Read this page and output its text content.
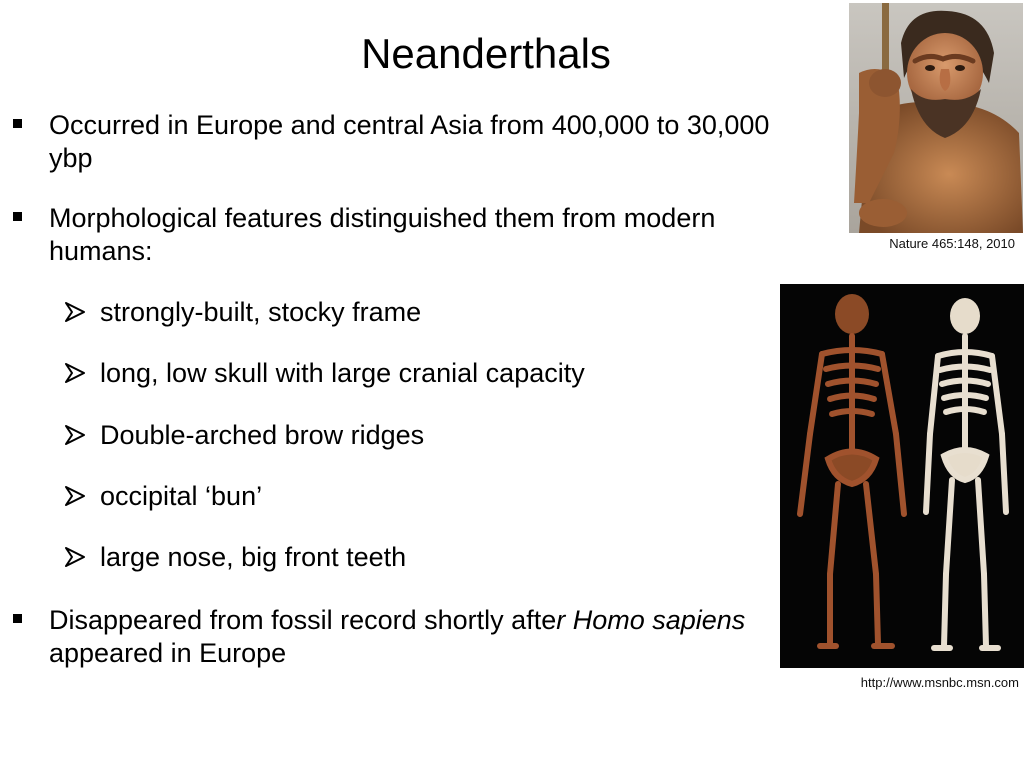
Neanderthals
Occurred in Europe and central Asia from 400,000 to 30,000 ybp
Morphological features distinguished them from modern humans:
strongly-built, stocky frame
long, low skull with large cranial capacity
Double-arched brow ridges
occipital ‘bun’
large nose, big front teeth
Disappeared from fossil record shortly after Homo sapiens appeared in Europe
Nature 465:148, 2010
http://www.msnbc.msn.com
